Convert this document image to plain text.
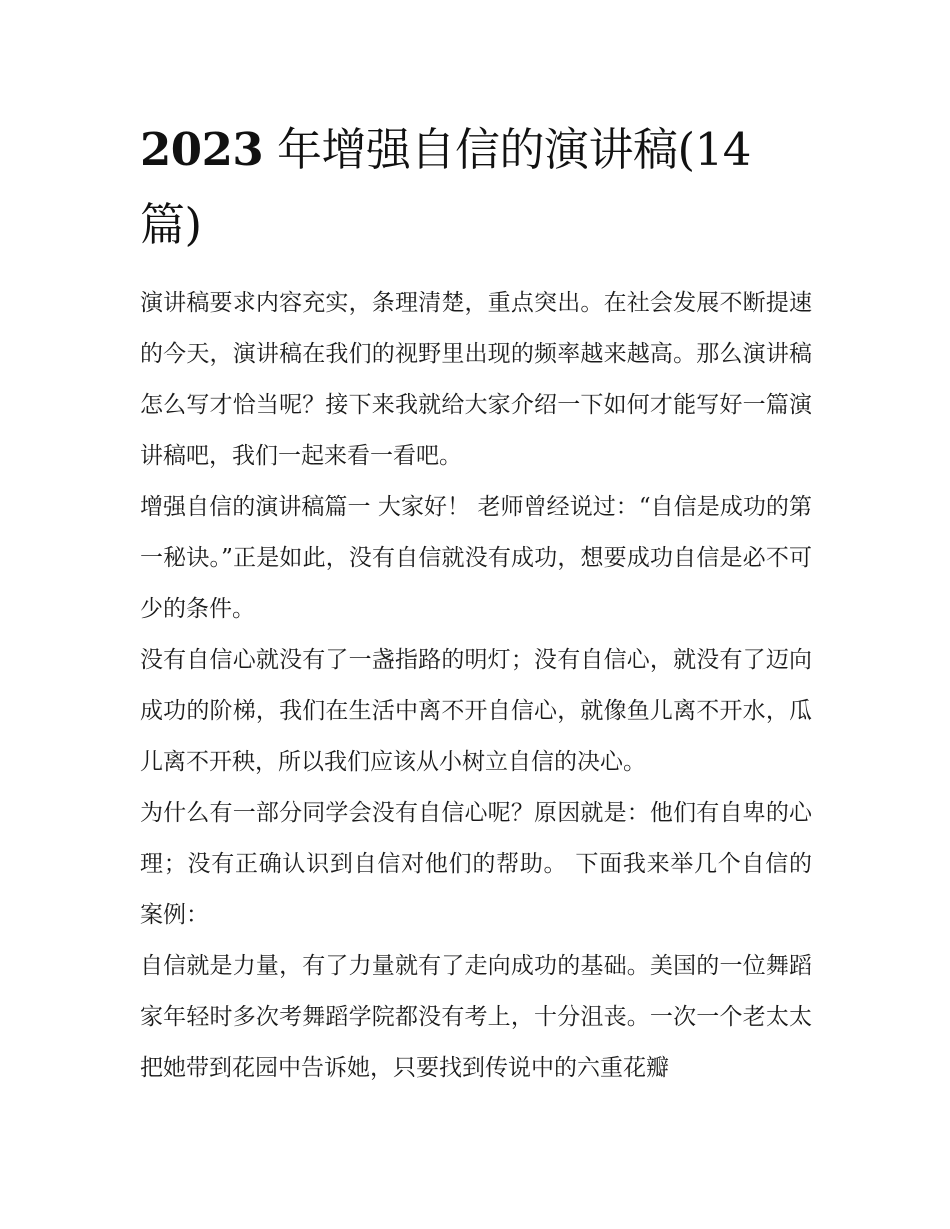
2023 年增强自信的演讲稿(14篇)

演讲稿要求内容充实，条理清楚，重点突出。在社会发展不断提速的今天，演讲稿在我们的视野里出现的频率越来越高。那么演讲稿怎么写才恰当呢？接下来我就给大家介绍一下如何才能写好一篇演讲稿吧，我们一起来看一看吧。

增强自信的演讲稿篇一 大家好！ 老师曾经说过：“自信是成功的第一秘诀。”正是如此，没有自信就没有成功，想要成功自信是必不可少的条件。

没有自信心就没有了一盏指路的明灯；没有自信心，就没有了迈向成功的阶梯，我们在生活中离不开自信心，就像鱼儿离不开水，瓜儿离不开秧，所以我们应该从小树立自信的决心。

为什么有一部分同学会没有自信心呢？原因就是：他们有自卑的心理；没有正确认识到自信对他们的帮助。 下面我来举几个自信的案例：

自信就是力量，有了力量就有了走向成功的基础。美国的一位舞蹈家年轻时多次考舞蹈学院都没有考上，十分沮丧。一次一个老太太把她带到花园中告诉她，只要找到传说中的六重花瓣
